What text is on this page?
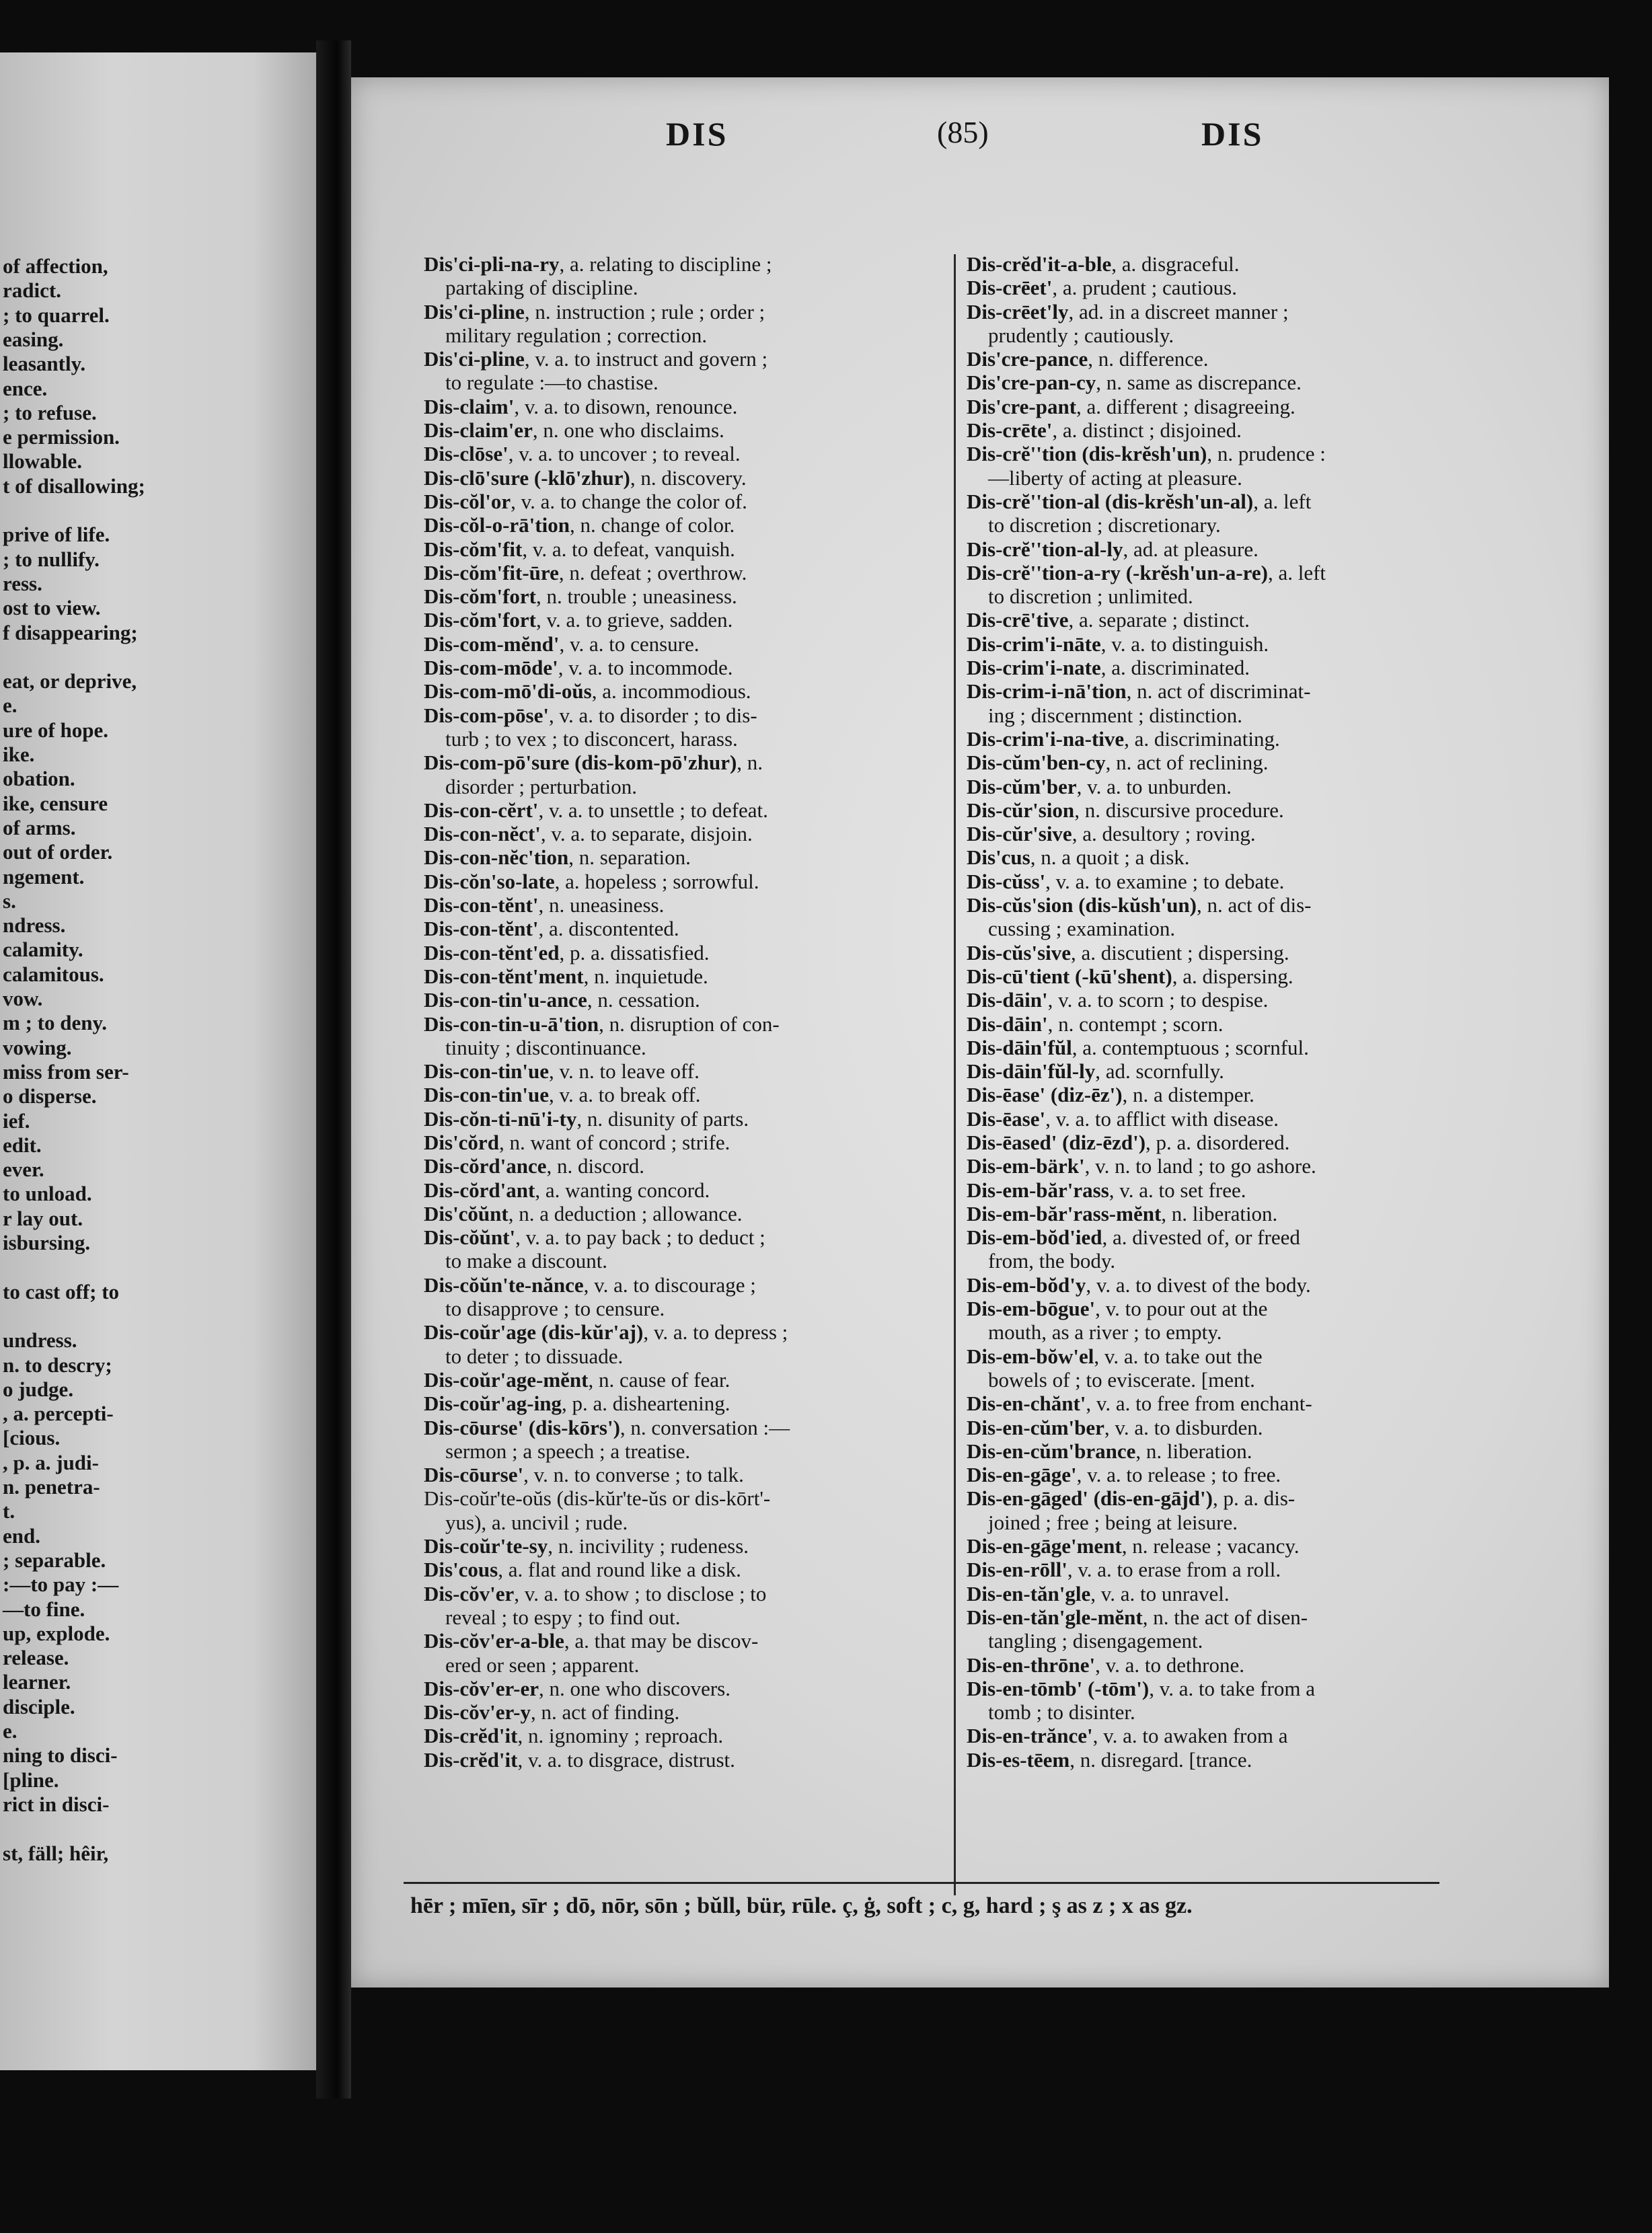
of affection,
radict.
; to quarrel.
easing.
leasantly.
ence.
; to refuse.
e permission.
llowable.
t of disallowing;
prive of life.
; to nullify.
ress.
ost to view.
f disappearing;
eat, or deprive,
e.
ure of hope.
ike.
obation.
ike, censure
of arms.
out of order.
ngement.
s.
ndress.
calamity.
calamitous.
vow.
m ; to deny.
vowing.
miss from ser-
o disperse.
ief.
edit.
ever.
to unload.
r lay out.
isbursing.
to cast off; to
undress.
n. to descry;
o judge.
, a. percepti-
[cious.
, p. a. judi-
n. penetra-
t.
end.
; separable.
:—to pay :—
—to fine.
up, explode.
release.
learner.
disciple.
e.
ning to disci-
[pline.
rict in disci-
st, fäll; hêir,
DIS	(85)	DIS
Dis'ci-pli-na-ry, a. relating to discipline ;
partaking of discipline.
Dis'ci-pline, n. instruction ; rule ; order ;
military regulation ; correction.
Dis'ci-pline, v. a. to instruct and govern ;
to regulate :—to chastise.
Dis-claim', v. a. to disown, renounce.
Dis-claim'er, n. one who disclaims.
Dis-clōse', v. a. to uncover ; to reveal.
Dis-clō'sure (-klō'zhur), n. discovery.
Dis-cŏl'or, v. a. to change the color of.
Dis-cŏl-o-rā'tion, n. change of color.
Dis-cŏm'fit, v. a. to defeat, vanquish.
Dis-cŏm'fit-ūre, n. defeat ; overthrow.
Dis-cŏm'fort, n. trouble ; uneasiness.
Dis-cŏm'fort, v. a. to grieve, sadden.
Dis-com-mĕnd', v. a. to censure.
Dis-com-mōde', v. a. to incommode.
Dis-com-mō'di-oŭs, a. incommodious.
Dis-com-pōse', v. a. to disorder ; to dis-
turb ; to vex ; to disconcert, harass.
Dis-com-pō'sure (dis-kom-pō'zhur), n.
disorder ; perturbation.
Dis-con-cĕrt', v. a. to unsettle ; to defeat.
Dis-con-nĕct', v. a. to separate, disjoin.
Dis-con-nĕc'tion, n. separation.
Dis-cŏn'so-late, a. hopeless ; sorrowful.
Dis-con-tĕnt', n. uneasiness.
Dis-con-tĕnt', a. discontented.
Dis-con-tĕnt'ed, p. a. dissatisfied.
Dis-con-tĕnt'ment, n. inquietude.
Dis-con-tin'u-ance, n. cessation.
Dis-con-tin-u-ā'tion, n. disruption of con-
tinuity ; discontinuance.
Dis-con-tin'ue, v. n. to leave off.
Dis-con-tin'ue, v. a. to break off.
Dis-cŏn-ti-nū'i-ty, n. disunity of parts.
Dis'cŏrd, n. want of concord ; strife.
Dis-cŏrd'ance, n. discord.
Dis-cŏrd'ant, a. wanting concord.
Dis'cŏŭnt, n. a deduction ; allowance.
Dis-cŏŭnt', v. a. to pay back ; to deduct ;
to make a discount.
Dis-cŏŭn'te-nănce, v. a. to discourage ;
to disapprove ; to censure.
Dis-coŭr'age (dis-kŭr'aj), v. a. to depress ;
to deter ; to dissuade.
Dis-coŭr'age-mĕnt, n. cause of fear.
Dis-coŭr'ag-ing, p. a. disheartening.
Dis-cōurse' (dis-kōrs'), n. conversation :—
sermon ; a speech ; a treatise.
Dis-cōurse', v. n. to converse ; to talk.
Dis-coŭr'te-oŭs (dis-kŭr'te-ŭs or dis-kōrt'-
yus), a. uncivil ; rude.
Dis-coŭr'te-sy, n. incivility ; rudeness.
Dis'cous, a. flat and round like a disk.
Dis-cŏv'er, v. a. to show ; to disclose ; to
reveal ; to espy ; to find out.
Dis-cŏv'er-a-ble, a. that may be discov-
ered or seen ; apparent.
Dis-cŏv'er-er, n. one who discovers.
Dis-cŏv'er-y, n. act of finding.
Dis-crĕd'it, n. ignominy ; reproach.
Dis-crĕd'it, v. a. to disgrace, distrust.
Dis-crĕd'it-a-ble, a. disgraceful.
Dis-crēet', a. prudent ; cautious.
Dis-crēet'ly, ad. in a discreet manner ;
prudently ; cautiously.
Dis'cre-pance, n. difference.
Dis'cre-pan-cy, n. same as discrepance.
Dis'cre-pant, a. different ; disagreeing.
Dis-crēte', a. distinct ; disjoined.
Dis-crĕ''tion (dis-krĕsh'un), n. prudence :
—liberty of acting at pleasure.
Dis-crĕ''tion-al (dis-krĕsh'un-al), a. left
to discretion ; discretionary.
Dis-crĕ''tion-al-ly, ad. at pleasure.
Dis-crĕ''tion-a-ry (-krĕsh'un-a-re), a. left
to discretion ; unlimited.
Dis-crē'tive, a. separate ; distinct.
Dis-crim'i-nāte, v. a. to distinguish.
Dis-crim'i-nate, a. discriminated.
Dis-crim-i-nā'tion, n. act of discriminat-
ing ; discernment ; distinction.
Dis-crim'i-na-tive, a. discriminating.
Dis-cŭm'ben-cy, n. act of reclining.
Dis-cŭm'ber, v. a. to unburden.
Dis-cŭr'sion, n. discursive procedure.
Dis-cŭr'sive, a. desultory ; roving.
Dis'cus, n. a quoit ; a disk.
Dis-cŭss', v. a. to examine ; to debate.
Dis-cŭs'sion (dis-kŭsh'un), n. act of dis-
cussing ; examination.
Dis-cŭs'sive, a. discutient ; dispersing.
Dis-cū'tient (-kū'shent), a. dispersing.
Dis-dāin', v. a. to scorn ; to despise.
Dis-dāin', n. contempt ; scorn.
Dis-dāin'fŭl, a. contemptuous ; scornful.
Dis-dāin'fŭl-ly, ad. scornfully.
Dis-ēase' (diz-ēz'), n. a distemper.
Dis-ēase', v. a. to afflict with disease.
Dis-ēased' (diz-ēzd'), p. a. disordered.
Dis-em-bärk', v. n. to land ; to go ashore.
Dis-em-băr'rass, v. a. to set free.
Dis-em-băr'rass-mĕnt, n. liberation.
Dis-em-bŏd'ied, a. divested of, or freed
from, the body.
Dis-em-bŏd'y, v. a. to divest of the body.
Dis-em-bōgue', v. to pour out at the
mouth, as a river ; to empty.
Dis-em-bŏw'el, v. a. to take out the
bowels of ; to eviscerate. [ment.
Dis-en-chănt', v. a. to free from enchant-
Dis-en-cŭm'ber, v. a. to disburden.
Dis-en-cŭm'brance, n. liberation.
Dis-en-gāge', v. a. to release ; to free.
Dis-en-gāged' (dis-en-gājd'), p. a. dis-
joined ; free ; being at leisure.
Dis-en-gāge'ment, n. release ; vacancy.
Dis-en-rōll', v. a. to erase from a roll.
Dis-en-tăn'gle, v. a. to unravel.
Dis-en-tăn'gle-mĕnt, n. the act of disen-
tangling ; disengagement.
Dis-en-thrōne', v. a. to dethrone.
Dis-en-tōmb' (-tōm'), v. a. to take from a
tomb ; to disinter.
Dis-en-trănce', v. a. to awaken from a
Dis-es-tēem, n. disregard. [trance.
hēr ; mīen, sīr ; dō, nōr, sōn ; bŭll, bür, rūle. ç, ġ, soft ; c, g, hard ; ş as z ; x as gz.
